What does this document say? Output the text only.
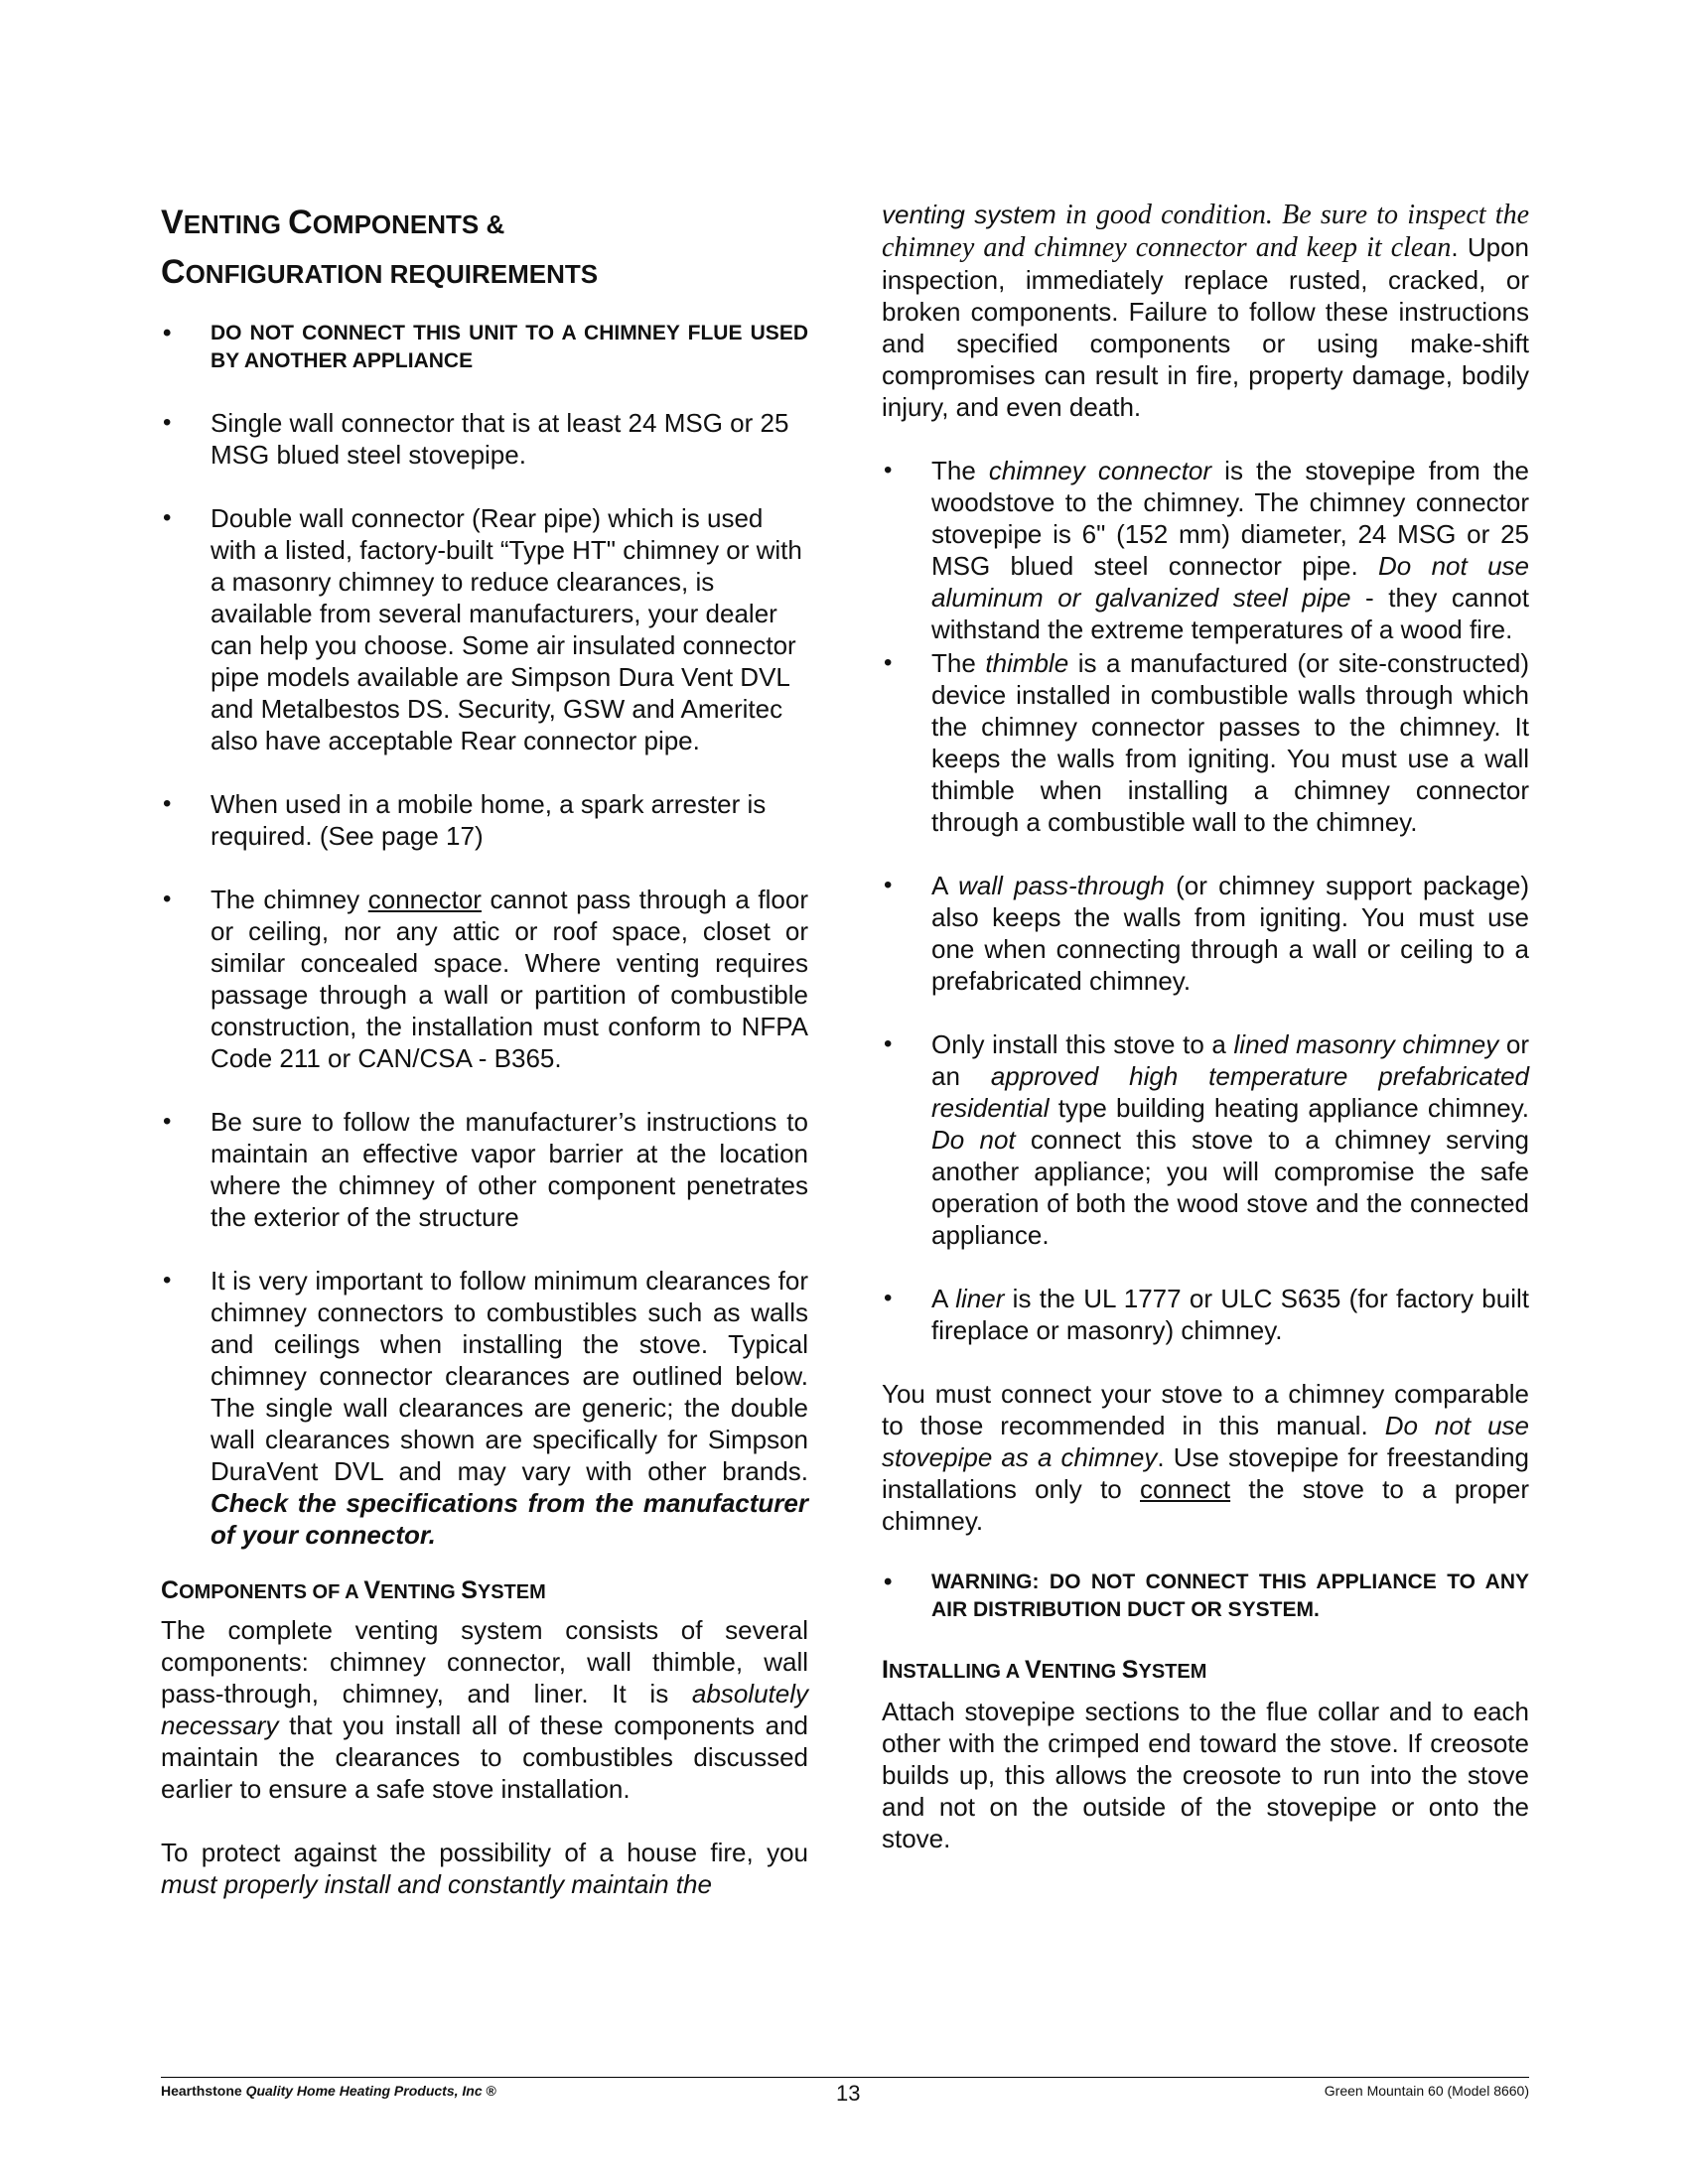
VENTING COMPONENTS &
CONFIGURATION REQUIREMENTS
• DO NOT CONNECT THIS UNIT TO A CHIMNEY FLUE USED BY ANOTHER APPLIANCE
• Single wall connector that is at least 24 MSG or 25 MSG blued steel stovepipe.
• Double wall connector (Rear pipe) which is used with a listed, factory-built “Type HT" chimney or with a masonry chimney to reduce clearances, is available from several manufacturers, your dealer can help you choose. Some air insulated connector pipe models available are Simpson Dura Vent DVL and Metalbestos DS. Security, GSW and Ameritec also have acceptable Rear connector pipe.
• When used in a mobile home, a spark arrester is required. (See page 17)
• The chimney connector cannot pass through a floor or ceiling, nor any attic or roof space, closet or similar concealed space. Where venting requires passage through a wall or partition of combustible construction, the installation must conform to NFPA Code 211 or CAN/CSA - B365.
• Be sure to follow the manufacturer’s instructions to maintain an effective vapor barrier at the location where the chimney of other component penetrates the exterior of the structure
• It is very important to follow minimum clearances for chimney connectors to combustibles such as walls and ceilings when installing the stove. Typical chimney connector clearances are outlined below. The single wall clearances are generic; the double wall clearances shown are specifically for Simpson DuraVent DVL and may vary with other brands. Check the specifications from the manufacturer of your connector.
COMPONENTS OF A VENTING SYSTEM

The complete venting system consists of several components: chimney connector, wall thimble, wall pass-through, chimney, and liner. It is absolutely necessary that you install all of these components and maintain the clearances to combustibles discussed earlier to ensure a safe stove installation.

To protect against the possibility of a house fire, you must properly install and constantly maintain the

venting system in good condition. Be sure to inspect the chimney and chimney connector and keep it clean. Upon inspection, immediately replace rusted, cracked, or broken components. Failure to follow these instructions and specified components or using make-shift compromises can result in fire, property damage, bodily injury, and even death.

• The chimney connector is the stovepipe from the woodstove to the chimney. The chimney connector stovepipe is 6" (152 mm) diameter, 24 MSG or 25 MSG blued steel connector pipe. Do not use aluminum or galvanized steel pipe - they cannot withstand the extreme temperatures of a wood fire.
• The thimble is a manufactured (or site-constructed) device installed in combustible walls through which the chimney connector passes to the chimney. It keeps the walls from igniting. You must use a wall thimble when installing a chimney connector through a combustible wall to the chimney.
• A wall pass-through (or chimney support package) also keeps the walls from igniting. You must use one when connecting through a wall or ceiling to a prefabricated chimney.
• Only install this stove to a lined masonry chimney or an approved high temperature prefabricated residential type building heating appliance chimney. Do not connect this stove to a chimney serving another appliance; you will compromise the safe operation of both the wood stove and the connected appliance.
• A liner is the UL 1777 or ULC S635 (for factory built fireplace or masonry) chimney.

You must connect your stove to a chimney comparable to those recommended in this manual. Do not use stovepipe as a chimney. Use stovepipe for freestanding installations only to connect the stove to a proper chimney.

• WARNING: DO NOT CONNECT THIS APPLIANCE TO ANY AIR DISTRIBUTION DUCT OR SYSTEM.
INSTALLING A VENTING SYSTEM

Attach stovepipe sections to the flue collar and to each other with the crimped end toward the stove. If creosote builds up, this allows the creosote to run into the stove and not on the outside of the stovepipe or onto the stove.

Hearthstone Quality Home Heating Products, Inc ®	13	Green Mountain 60 (Model 8660)
